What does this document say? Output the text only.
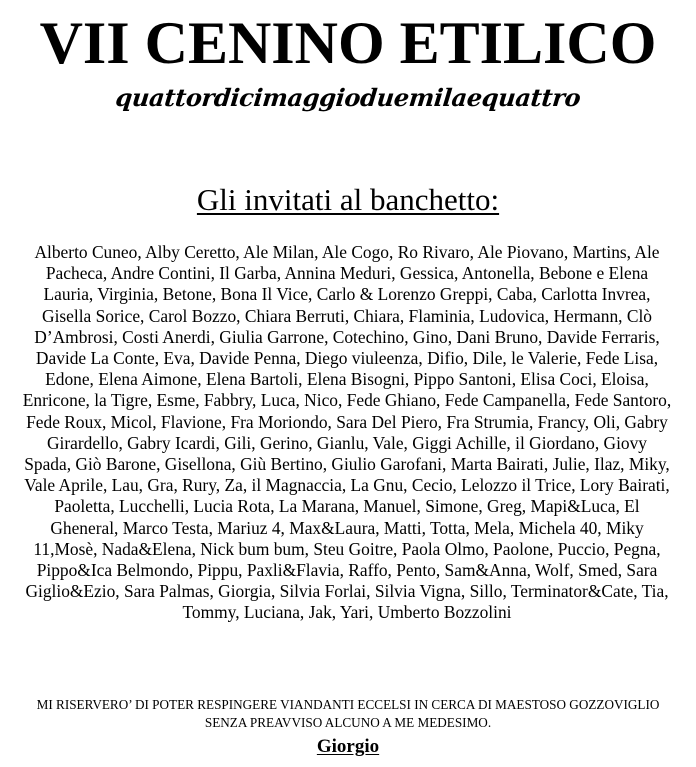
VII CENINO ETILICO
quattordicimaggioduemilaequattro
Gli invitati al banchetto:
Alberto Cuneo, Alby Ceretto, Ale Milan, Ale Cogo, Ro Rivaro, Ale Piovano, Martins, Ale Pacheca, Andre Contini, Il Garba, Annina Meduri, Gessica, Antonella, Bebone e Elena Lauria, Virginia, Betone, Bona Il Vice, Carlo & Lorenzo Greppi, Caba, Carlotta Invrea, Gisella Sorice, Carol Bozzo, Chiara Berruti, Chiara, Flaminia, Ludovica, Hermann, Clò D’Ambrosi, Costi Anerdi, Giulia Garrone, Cotechino, Gino, Dani Bruno, Davide Ferraris, Davide La Conte, Eva, Davide Penna, Diego viuleenza, Difio, Dile, le Valerie, Fede Lisa, Edone, Elena Aimone, Elena Bartoli, Elena Bisogni, Pippo Santoni, Elisa Coci, Eloisa, Enricone, la Tigre, Esme, Fabbry, Luca, Nico, Fede Ghiano, Fede Campanella, Fede Santoro, Fede Roux, Micol, Flavione, Fra Moriondo, Sara Del Piero, Fra Strumia, Francy, Oli, Gabry Girardello, Gabry Icardi, Gili, Gerino, Gianlu, Vale, Giggi Achille, il Giordano, Giovy Spada, Giò Barone, Gisellona, Giù Bertino, Giulio Garofani, Marta Bairati, Julie, Ilaz, Miky, Vale Aprile, Lau, Gra, Rury, Za, il Magnaccia, La Gnu, Cecio, Lelozzo il Trice, Lory Bairati, Paoletta, Lucchelli, Lucia Rota, La Marana, Manuel, Simone, Greg, Mapi&Luca, El Gheneral, Marco Testa, Mariuz 4, Max&Laura, Matti, Totta, Mela, Michela 40, Miky 11,Mosè, Nada&Elena, Nick bum bum, Steu Goitre, Paola Olmo, Paolone, Puccio, Pegna, Pippo&Ica Belmondo, Pippu, Paxli&Flavia, Raffo, Pento, Sam&Anna, Wolf, Smed, Sara Giglio&Ezio, Sara Palmas, Giorgia, Silvia Forlai, Silvia Vigna, Sillo, Terminator&Cate, Tia, Tommy, Luciana, Jak, Yari, Umberto Bozzolini
MI RISERVERO’ DI POTER RESPINGERE VIANDANTI ECCELSI IN CERCA DI MAESTOSO GOZZOVIGLIO SENZA PREAVVISO ALCUNO A ME MEDESIMO.
Giorgio
